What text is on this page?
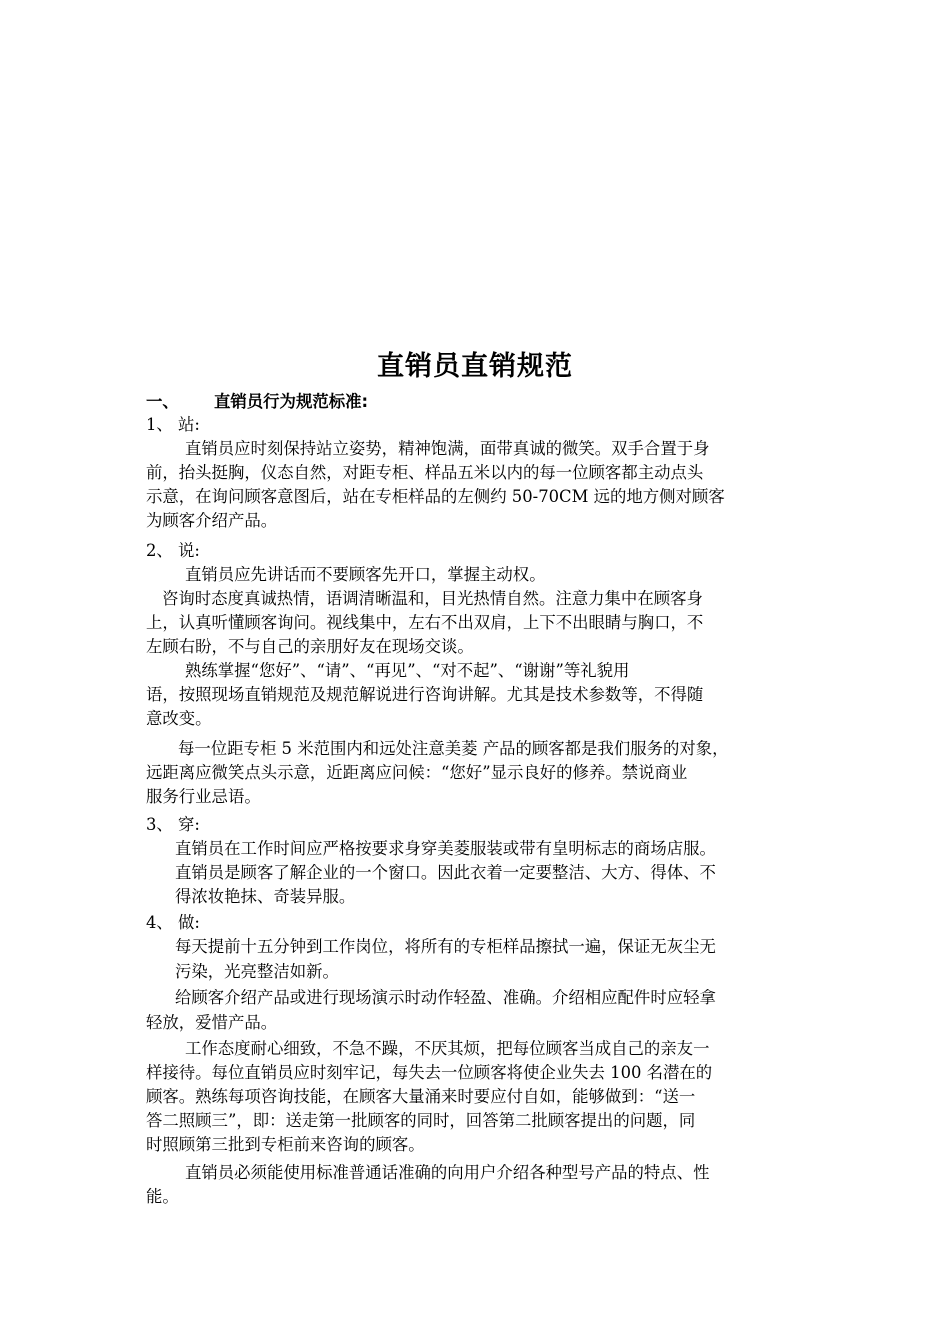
直销员直销规范
一、 直销员行为规范标准:
1、 站:
直销员应时刻保持站立姿势，精神饱满，面带真诚的微笑。双手合置于身
前，抬头挺胸，仪态自然，对距专柜、样品五米以内的每一位顾客都主动点头
示意，在询问顾客意图后，站在专柜样品的左侧约 50-70CM 远的地方侧对顾客
为顾客介绍产品。
2、 说:
直销员应先讲话而不要顾客先开口，掌握主动权。
咨询时态度真诚热情，语调清晰温和，目光热情自然。注意力集中在顾客身
上，认真听懂顾客询问。视线集中，左右不出双肩，上下不出眼睛与胸口，不
左顾右盼，不与自己的亲朋好友在现场交谈。
熟练掌握“您好”、“请”、“再见”、“对不起”、“谢谢”等礼貌用
语，按照现场直销规范及规范解说进行咨询讲解。尤其是技术参数等，不得随
意改变。
每一位距专柜 5 米范围内和远处注意美菱 产品的顾客都是我们服务的对象，
远距离应微笑点头示意，近距离应问候：“您好”显示良好的修养。禁说商业
服务行业忌语。
3、 穿:
直销员在工作时间应严格按要求身穿美菱服装或带有皇明标志的商场店服。
直销员是顾客了解企业的一个窗口。因此衣着一定要整洁、大方、得体、不
得浓妆艳抹、奇装异服。
4、 做:
每天提前十五分钟到工作岗位，将所有的专柜样品擦拭一遍，保证无灰尘无
污染，光亮整洁如新。
给顾客介绍产品或进行现场演示时动作轻盈、准确。介绍相应配件时应轻拿
轻放，爱惜产品。
工作态度耐心细致，不急不躁，不厌其烦，把每位顾客当成自己的亲友一
样接待。每位直销员应时刻牢记，每失去一位顾客将使企业失去 100 名潜在的
顾客。熟练每项咨询技能，在顾客大量涌来时要应付自如，能够做到：“送一
答二照顾三”，即：送走第一批顾客的同时，回答第二批顾客提出的问题，同
时照顾第三批到专柜前来咨询的顾客。
直销员必须能使用标准普通话准确的向用户介绍各种型号产品的特点、性
能。
